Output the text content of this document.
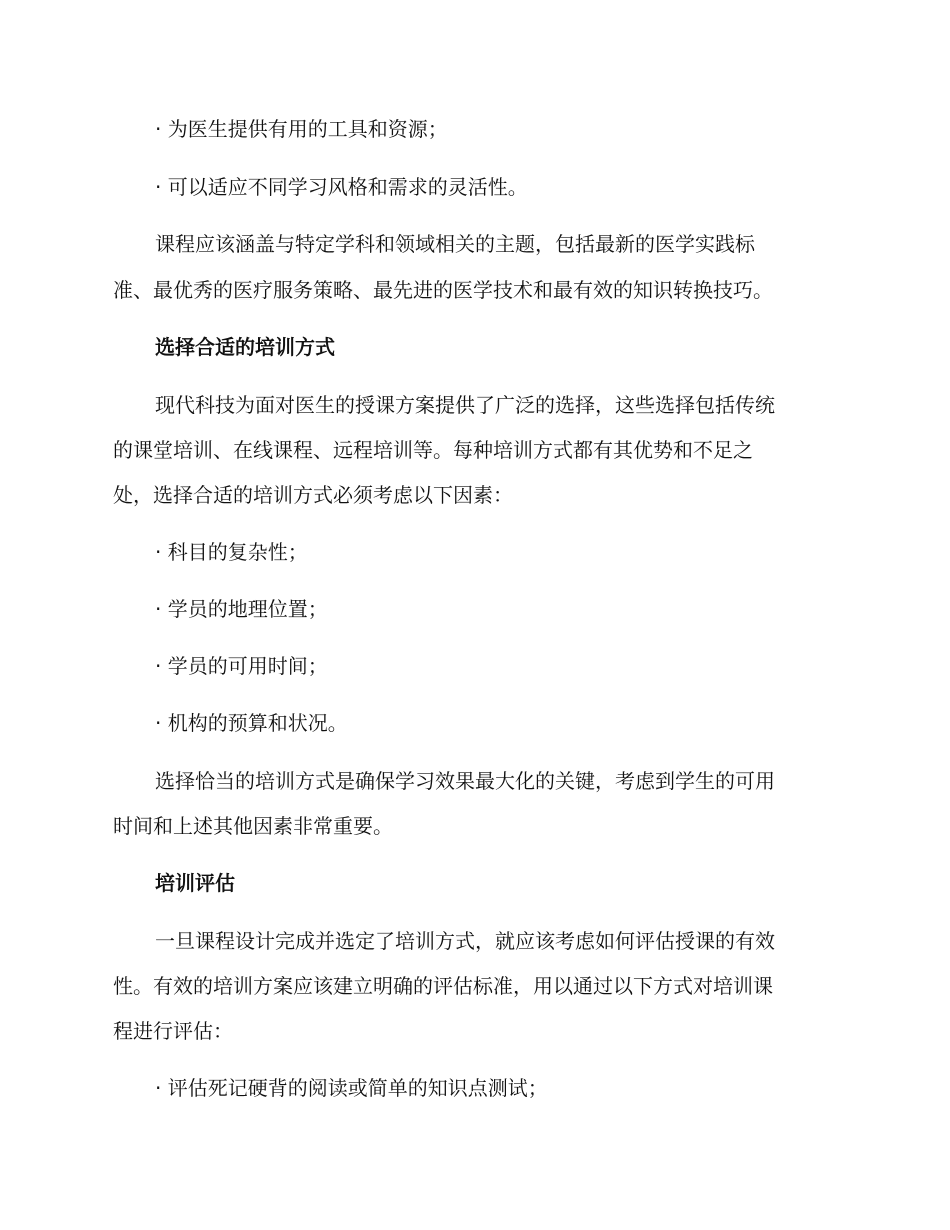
· 为医生提供有用的工具和资源；

· 可以适应不同学习风格和需求的灵活性。

课程应该涵盖与特定学科和领域相关的主题，包括最新的医学实践标

准、最优秀的医疗服务策略、最先进的医学技术和最有效的知识转换技巧。

选择合适的培训方式

现代科技为面对医生的授课方案提供了广泛的选择，这些选择包括传统

的课堂培训、在线课程、远程培训等。每种培训方式都有其优势和不足之

处，选择合适的培训方式必须考虑以下因素：

· 科目的复杂性；

· 学员的地理位置；

· 学员的可用时间；

· 机构的预算和状况。

选择恰当的培训方式是确保学习效果最大化的关键，考虑到学生的可用

时间和上述其他因素非常重要。

培训评估

一旦课程设计完成并选定了培训方式，就应该考虑如何评估授课的有效

性。有效的培训方案应该建立明确的评估标准，用以通过以下方式对培训课

程进行评估：

· 评估死记硬背的阅读或简单的知识点测试；
